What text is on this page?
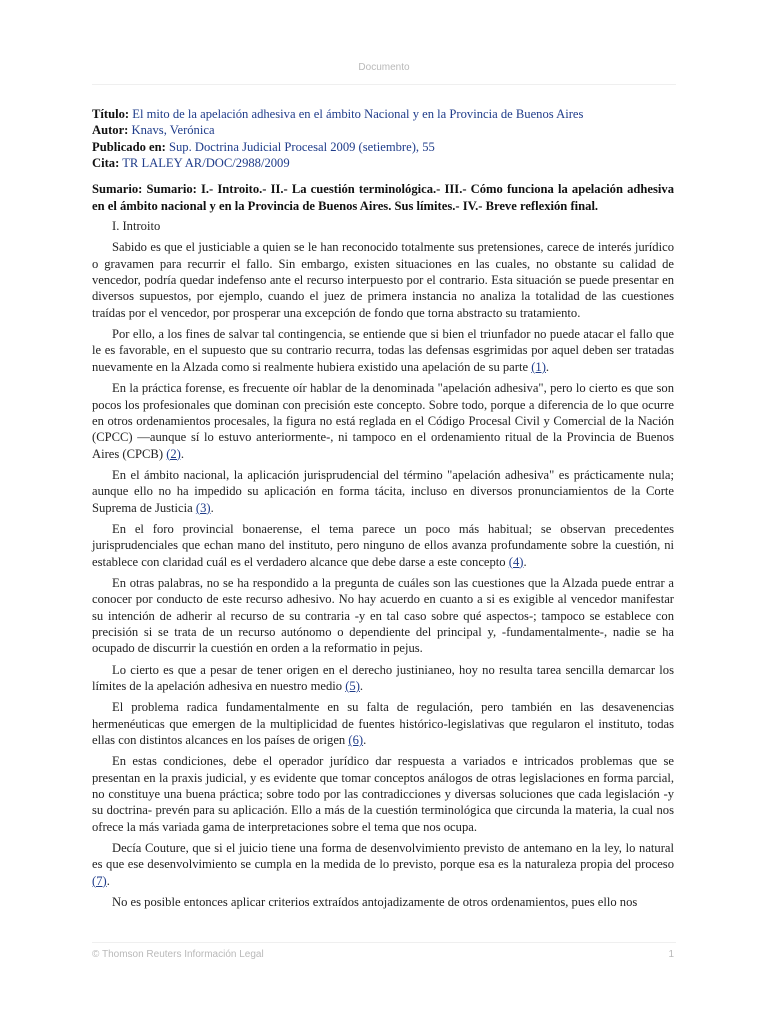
Documento

Título: El mito de la apelación adhesiva en el ámbito Nacional y en la Provincia de Buenos Aires

Autor: Knavs, Verónica

Publicado en: Sup. Doctrina Judicial Procesal 2009 (setiembre), 55

Cita: TR LALEY AR/DOC/2988/2009

Sumario: Sumario: I.- Introito.- II.- La cuestión terminológica.- III.- Cómo funciona la apelación adhesiva en el ámbito nacional y en la Provincia de Buenos Aires. Sus límites.- IV.- Breve reflexión final.

I. Introito

Sabido es que el justiciable a quien se le han reconocido totalmente sus pretensiones, carece de interés jurídico o gravamen para recurrir el fallo. Sin embargo, existen situaciones en las cuales, no obstante su calidad de vencedor, podría quedar indefenso ante el recurso interpuesto por el contrario. Esta situación se puede presentar en diversos supuestos, por ejemplo, cuando el juez de primera instancia no analiza la totalidad de las cuestiones traídas por el vencedor, por prosperar una excepción de fondo que torna abstracto su tratamiento.

Por ello, a los fines de salvar tal contingencia, se entiende que si bien el triunfador no puede atacar el fallo que le es favorable, en el supuesto que su contrario recurra, todas las defensas esgrimidas por aquel deben ser tratadas nuevamente en la Alzada como si realmente hubiera existido una apelación de su parte (1).

En la práctica forense, es frecuente oír hablar de la denominada "apelación adhesiva", pero lo cierto es que son pocos los profesionales que dominan con precisión este concepto. Sobre todo, porque a diferencia de lo que ocurre en otros ordenamientos procesales, la figura no está reglada en el Código Procesal Civil y Comercial de la Nación (CPCC) —aunque sí lo estuvo anteriormente-, ni tampoco en el ordenamiento ritual de la Provincia de Buenos Aires (CPCB) (2).

En el ámbito nacional, la aplicación jurisprudencial del término "apelación adhesiva" es prácticamente nula; aunque ello no ha impedido su aplicación en forma tácita, incluso en diversos pronunciamientos de la Corte Suprema de Justicia (3).

En el foro provincial bonaerense, el tema parece un poco más habitual; se observan precedentes jurisprudenciales que echan mano del instituto, pero ninguno de ellos avanza profundamente sobre la cuestión, ni establece con claridad cuál es el verdadero alcance que debe darse a este concepto (4).

En otras palabras, no se ha respondido a la pregunta de cuáles son las cuestiones que la Alzada puede entrar a conocer por conducto de este recurso adhesivo. No hay acuerdo en cuanto a si es exigible al vencedor manifestar su intención de adherir al recurso de su contraria -y en tal caso sobre qué aspectos-; tampoco se establece con precisión si se trata de un recurso autónomo o dependiente del principal y, -fundamentalmente-, nadie se ha ocupado de discurrir la cuestión en orden a la reformatio in pejus.

Lo cierto es que a pesar de tener origen en el derecho justinianeo, hoy no resulta tarea sencilla demarcar los límites de la apelación adhesiva en nuestro medio (5).

El problema radica fundamentalmente en su falta de regulación, pero también en las desavenencias hermenéuticas que emergen de la multiplicidad de fuentes histórico-legislativas que regularon el instituto, todas ellas con distintos alcances en los países de origen (6).

En estas condiciones, debe el operador jurídico dar respuesta a variados e intricados problemas que se presentan en la praxis judicial, y es evidente que tomar conceptos análogos de otras legislaciones en forma parcial, no constituye una buena práctica; sobre todo por las contradicciones y diversas soluciones que cada legislación -y su doctrina- prevén para su aplicación. Ello a más de la cuestión terminológica que circunda la materia, la cual nos ofrece la más variada gama de interpretaciones sobre el tema que nos ocupa.

Decía Couture, que si el juicio tiene una forma de desenvolvimiento previsto de antemano en la ley, lo natural es que ese desenvolvimiento se cumpla en la medida de lo previsto, porque esa es la naturaleza propia del proceso (7).

No es posible entonces aplicar criterios extraídos antojadizamente de otros ordenamientos, pues ello nos

© Thomson Reuters Información Legal	1
